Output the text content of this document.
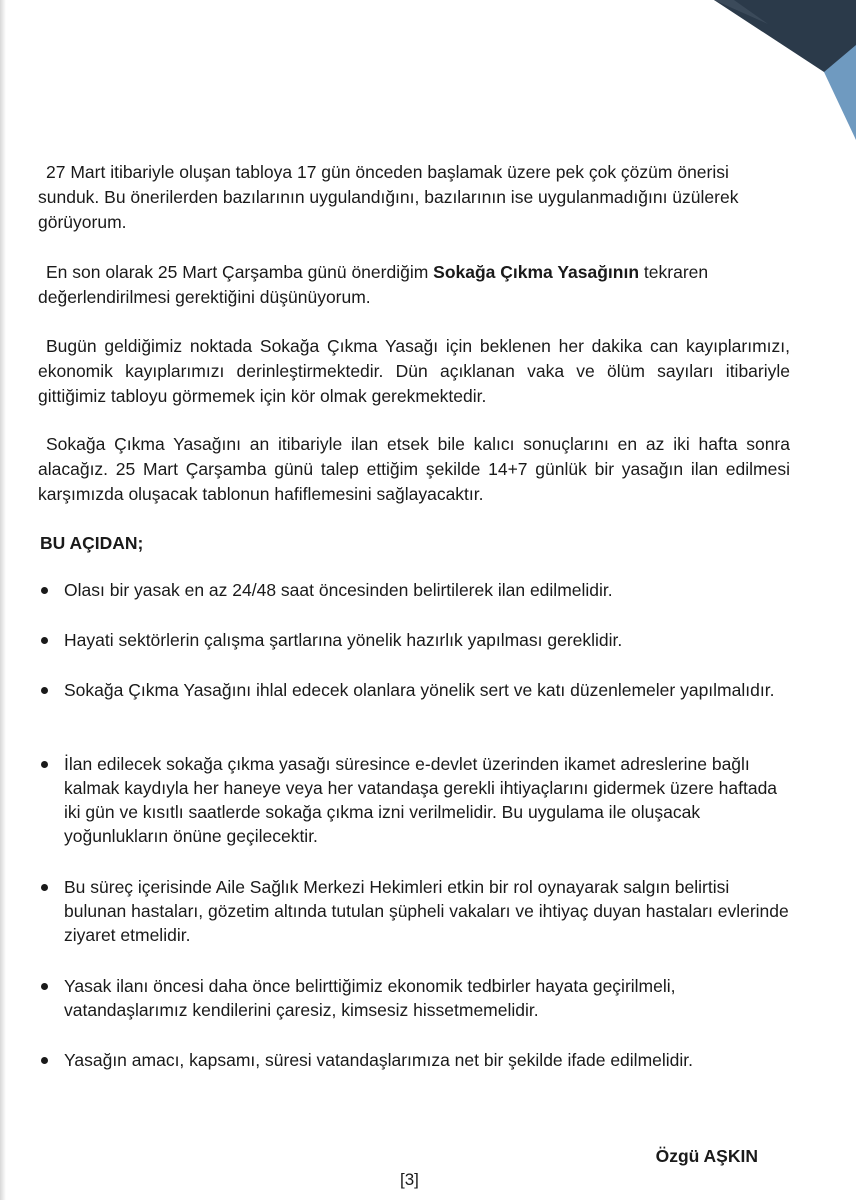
27 Mart itibariyle oluşan tabloya 17 gün önceden başlamak üzere pek çok çözüm önerisi sunduk. Bu önerilerden bazılarının uygulandığını, bazılarının ise uygulanmadığını üzülerek görüyorum.

En son olarak 25 Mart Çarşamba günü önerdiğim Sokağa Çıkma Yasağının tekraren değerlendirilmesi gerektiğini düşünüyorum.

Bugün geldiğimiz noktada Sokağa Çıkma Yasağı için beklenen her dakika can kayıplarımızı, ekonomik kayıplarımızı derinleştirmektedir. Dün açıklanan vaka ve ölüm sayıları itibariyle gittiğimiz tabloyu görmemek için kör olmak gerekmektedir.

Sokağa Çıkma Yasağını an itibariyle ilan etsek bile kalıcı sonuçlarını en az iki hafta sonra alacağız. 25 Mart Çarşamba günü talep ettiğim şekilde 14+7 günlük bir yasağın ilan edilmesi karşımızda oluşacak tablonun hafiflemesini sağlayacaktır.

BU AÇIDAN;

Olası bir yasak en az 24/48 saat öncesinden belirtilerek ilan edilmelidir.
Hayati sektörlerin çalışma şartlarına yönelik hazırlık yapılması gereklidir.
Sokağa Çıkma Yasağını ihlal edecek olanlara yönelik sert ve katı düzenlemeler yapılmalıdır.
İlan edilecek sokağa çıkma yasağı süresince e-devlet üzerinden ikamet adreslerine bağlı kalmak kaydıyla her haneye veya her vatandaşa gerekli ihtiyaçlarını gidermek üzere haftada iki gün ve kısıtlı saatlerde sokağa çıkma izni verilmelidir. Bu uygulama ile oluşacak yoğunlukların önüne geçilecektir.
Bu süreç içerisinde Aile Sağlık Merkezi Hekimleri etkin bir rol oynayarak salgın belirtisi bulunan hastaları, gözetim altında tutulan şüpheli vakaları ve ihtiyaç duyan hastaları evlerinde ziyaret etmelidir.
Yasak ilanı öncesi daha önce belirttiğimiz ekonomik tedbirler hayata geçirilmeli, vatandaşlarımız kendilerini çaresiz, kimsesiz hissetmemelidir.
Yasağın amacı, kapsamı, süresi vatandaşlarımıza net bir şekilde ifade edilmelidir.
Özgü AŞKIN
[3]
